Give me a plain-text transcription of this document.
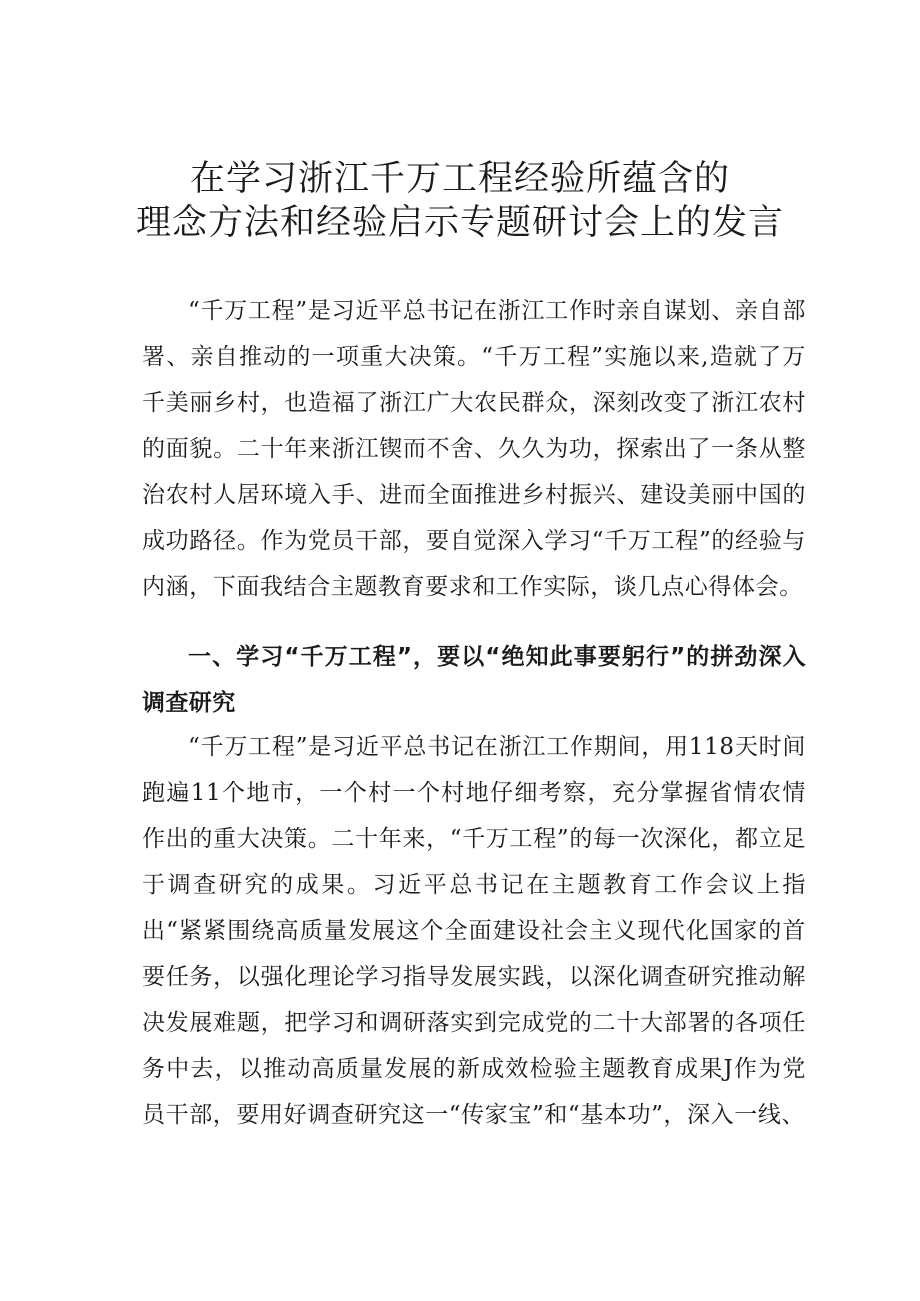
在学习浙江千万工程经验所蕴含的
理念方法和经验启示专题研讨会上的发言

“千万工程”是习近平总书记在浙江工作时亲自谋划、亲自部署、亲自推动的一项重大决策。“千万工程”实施以来,造就了万千美丽乡村，也造福了浙江广大农民群众，深刻改变了浙江农村的面貌。二十年来浙江锲而不舍、久久为功，探索出了一条从整治农村人居环境入手、进而全面推进乡村振兴、建设美丽中国的成功路径。作为党员干部，要自觉深入学习“千万工程”的经验与内涵，下面我结合主题教育要求和工作实际，谈几点心得体会。

一、学习“千万工程”，要以“绝知此事要躬行”的拼劲深入调查研究

“千万工程”是习近平总书记在浙江工作期间，用118天时间跑遍11个地市，一个村一个村地仔细考察，充分掌握省情农情作出的重大决策。二十年来，“千万工程”的每一次深化，都立足于调查研究的成果。习近平总书记在主题教育工作会议上指出“紧紧围绕高质量发展这个全面建设社会主义现代化国家的首要任务，以强化理论学习指导发展实践，以深化调查研究推动解决发展难题，把学习和调研落实到完成党的二十大部署的各项任务中去，以推动高质量发展的新成效检验主题教育成果J作为党员干部，要用好调查研究这一“传家宝”和“基本功”，深入一线、
